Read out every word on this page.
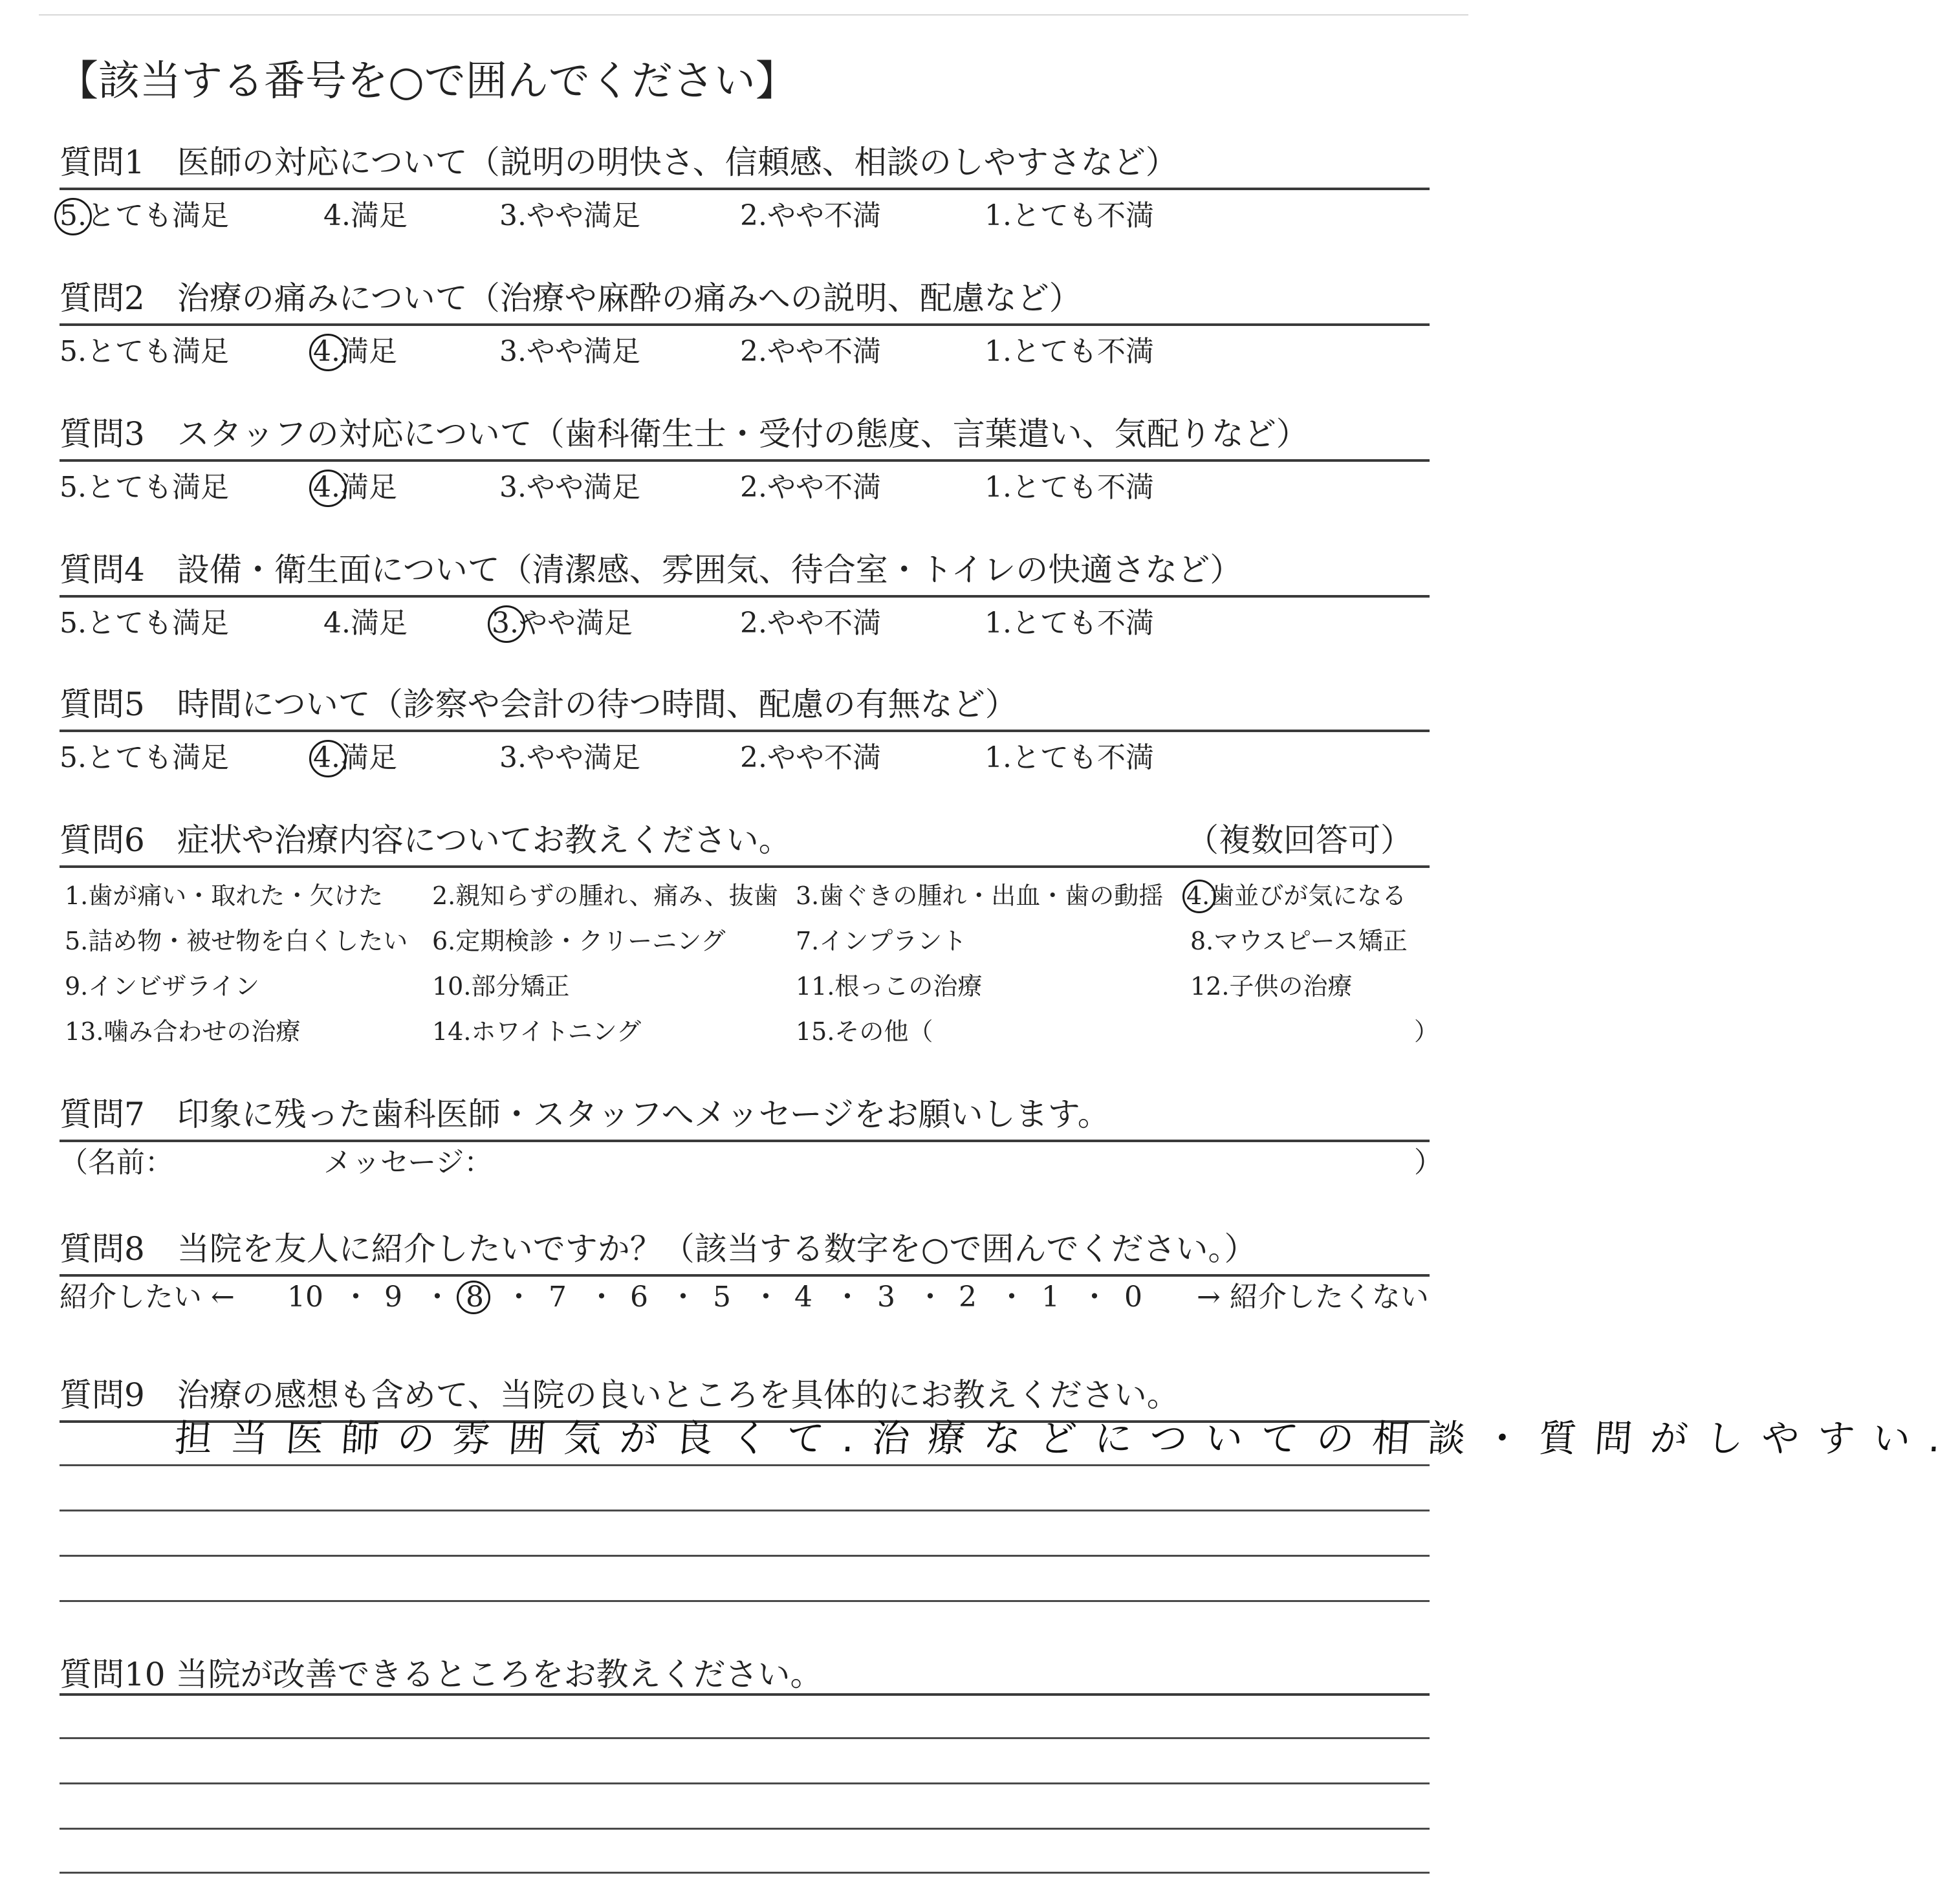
【該当する番号を○で囲んでください】
質問1　医師の対応について（説明の明快さ、信頼感、相談のしやすさなど）
5.とても満足	4.満足	3.やや満足	2.やや不満	1.とても不満
質問2　治療の痛みについて（治療や麻酔の痛みへの説明、配慮など）
5.とても満足	4.満足	3.やや満足	2.やや不満	1.とても不満
質問3　スタッフの対応について（歯科衛生士・受付の態度、言葉遣い、気配りなど）
5.とても満足	4.満足	3.やや満足	2.やや不満	1.とても不満
質問4　設備・衛生面について（清潔感、雰囲気、待合室・トイレの快適さなど）
5.とても満足	4.満足	3.やや満足	2.やや不満	1.とても不満
質問5　時間について（診察や会計の待つ時間、配慮の有無など）
5.とても満足	4.満足	3.やや満足	2.やや不満	1.とても不満
質問6　症状や治療内容についてお教えください。	（複数回答可）
1.歯が痛い・取れた・欠けた 2.親知らずの腫れ、痛み、抜歯 3.歯ぐきの腫れ・出血・歯の動揺 4.歯並びが気になる
5.詰め物・被せ物を白くしたい 6.定期検診・クリーニング	7.インプラント	8.マウスピース矯正
9.インビザライン	10.部分矯正	11.根っこの治療	12.子供の治療
13.噛み合わせの治療	14.ホワイトニング	15.その他（	）
質問7　印象に残った歯科医師・スタッフへメッセージをお願いします。
（名前：	メッセージ：	）
質問8　当院を友人に紹介したいですか？（該当する数字を○で囲んでください。）
紹介したい ← 10 ・ 9 ・ 8 ・ 7 ・ 6 ・ 5 ・ 4 ・ 3 ・ 2 ・ 1 ・ 0 → 紹介したくない
質問9　治療の感想も含めて、当院の良いところを具体的にお教えください。
担当医師の雰囲気が良くて.治療などについての相談・質問がしやすい.
質問10 当院が改善できるところをお教えください。
